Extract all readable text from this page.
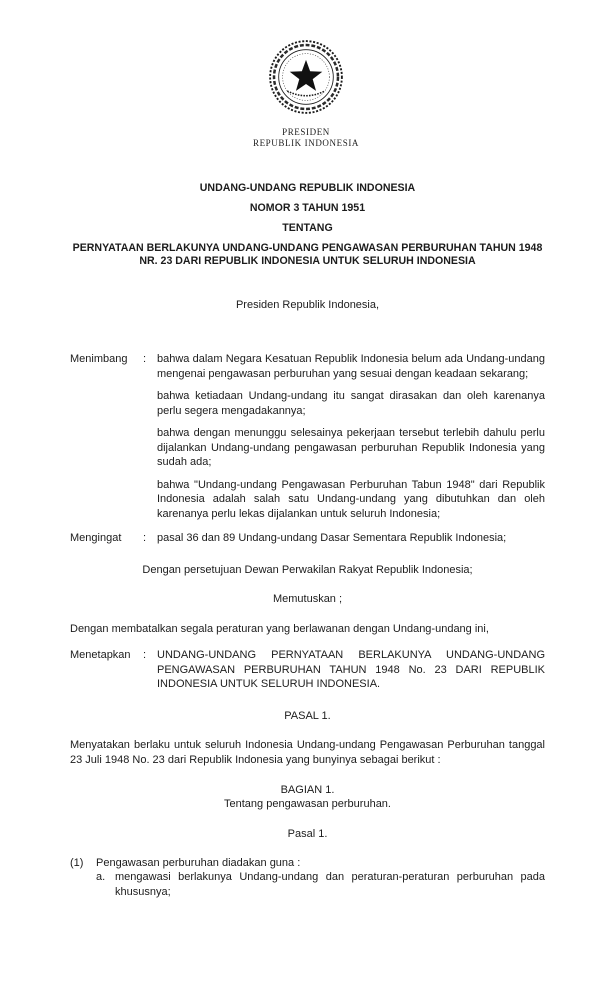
PRESIDEN
REPUBLIK INDONESIA
UNDANG-UNDANG REPUBLIK INDONESIA
NOMOR 3 TAHUN 1951
TENTANG
PERNYATAAN BERLAKUNYA UNDANG-UNDANG PENGAWASAN PERBURUHAN TAHUN 1948 NR. 23 DARI REPUBLIK INDONESIA UNTUK SELURUH INDONESIA
Presiden Republik Indonesia,
Menimbang	: bahwa dalam Negara Kesatuan Republik Indonesia belum ada Undang-undang mengenai pengawasan perburuhan yang sesuai dengan keadaan sekarang;

bahwa ketiadaan Undang-undang itu sangat dirasakan dan oleh karenanya perlu segera mengadakannya;

bahwa dengan menunggu selesainya pekerjaan tersebut terlebih dahulu perlu dijalankan Undang-undang pengawasan perburuhan Republik Indonesia yang sudah ada;

bahwa "Undang-undang Pengawasan Perburuhan Tabun 1948" dari Republik Indonesia adalah salah satu Undang-undang yang dibutuhkan dan oleh karenanya perlu lekas dijalankan untuk seluruh Indonesia;

Mengingat	: pasal 36 dan 89 Undang-undang Dasar Sementara Republik Indonesia;

Dengan persetujuan Dewan Perwakilan Rakyat Republik Indonesia;
Memutuskan ;
Dengan membatalkan segala peraturan yang berlawanan dengan Undang-undang ini,
Menetapkan	: UNDANG-UNDANG PERNYATAAN BERLAKUNYA UNDANG-UNDANG PENGAWASAN PERBURUHAN TAHUN 1948 No. 23 DARI REPUBLIK INDONESIA UNTUK SELURUH INDONESIA.

PASAL 1.
Menyatakan berlaku untuk seluruh Indonesia Undang-undang Pengawasan Perburuhan tanggal 23 Juli 1948 No. 23 dari Republik Indonesia yang bunyinya sebagai berikut :
BAGIAN 1.
Tentang pengawasan perburuhan.
Pasal 1.
(1)	Pengawasan perburuhan diadakan guna :
a. mengawasi berlakunya Undang-undang dan peraturan-peraturan perburuhan pada khususnya;
